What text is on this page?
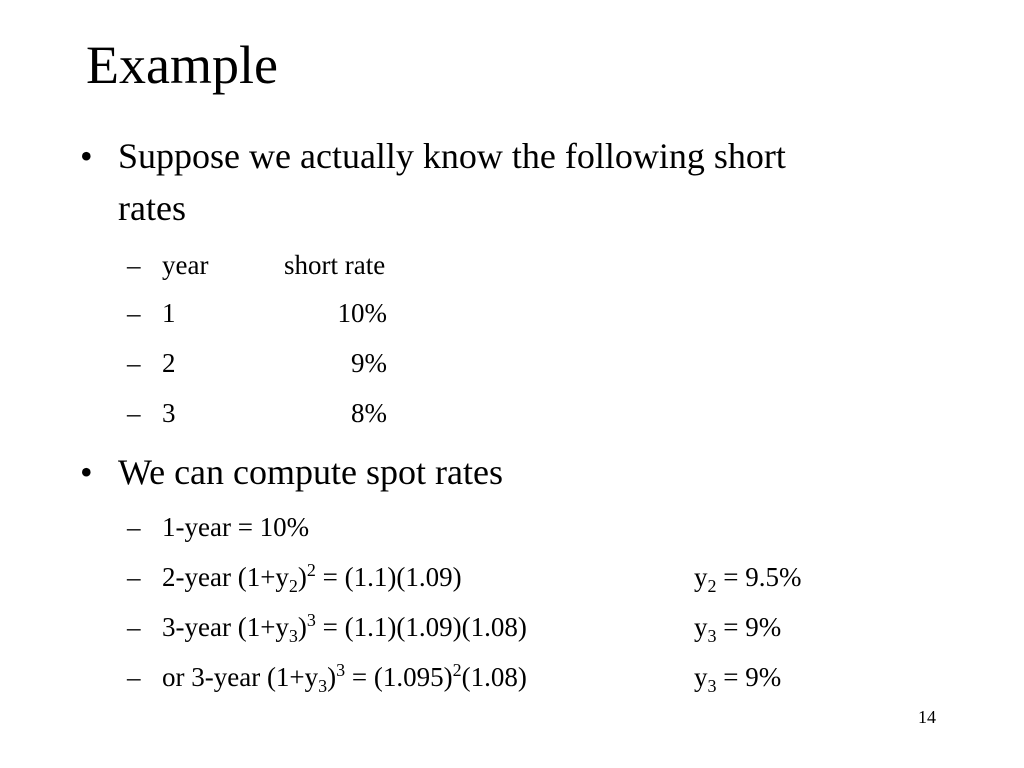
Example
• Suppose we actually know the following short
rates
– year	short rate
– 1	10%
– 2	9%
– 3	8%
• We can compute spot rates
– 1-year = 10%
– 2-year $(1+y_2)^2 = (1.1)(1.09)$	$y_2 = 9.5\%$
– 3-year $(1+y_3)^3 = (1.1)(1.09)(1.08)$	$y_3 = 9\%$
– or 3-year $(1+y_3)^3 = (1.095)^2(1.08)$	$y_3 = 9\%$
14
